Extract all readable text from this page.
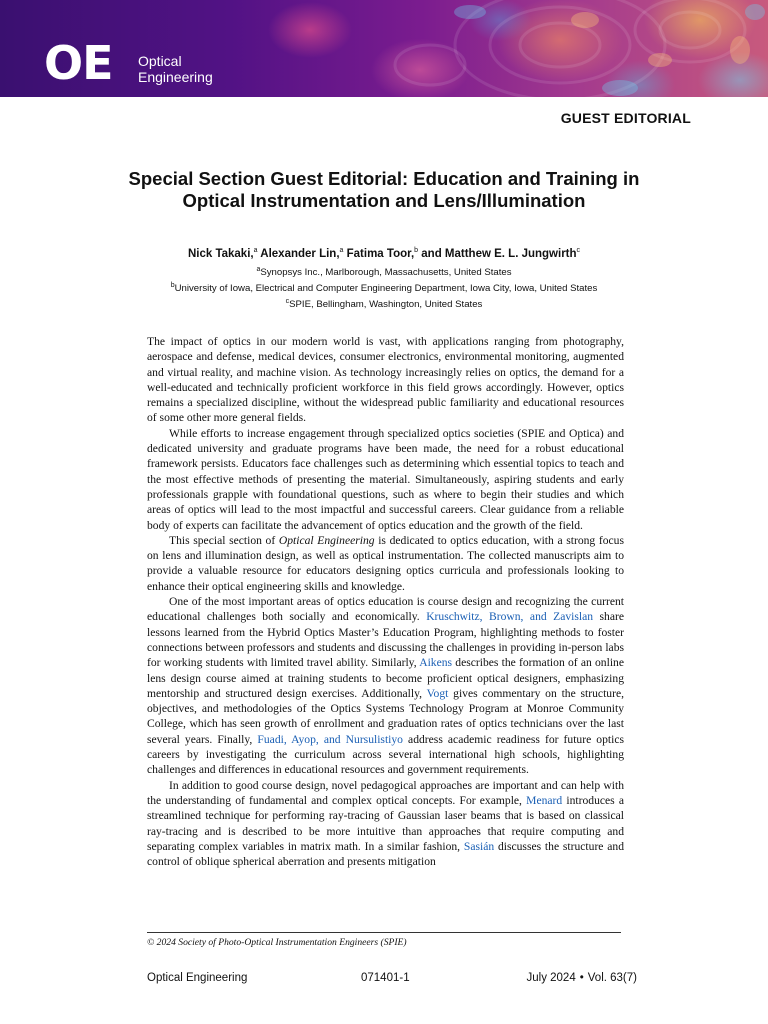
OE Optical
Engineering
GUEST EDITORIAL
Special Section Guest Editorial: Education and Training in Optical Instrumentation and Lens/Illumination
Nick Takaki,$^a$ Alexander Lin,$^a$ Fatima Toor,$^b$ and Matthew E. L. Jungwirth$^c$
$^a$Synopsys Inc., Marlborough, Massachusetts, United States
$^b$University of Iowa, Electrical and Computer Engineering Department, Iowa City, Iowa, United States
$^c$SPIE, Bellingham, Washington, United States

The impact of optics in our modern world is vast, with applications ranging from photography, aerospace and defense, medical devices, consumer electronics, environmental monitoring, augmented and virtual reality, and machine vision. As technology increasingly relies on optics, the demand for a well-educated and technically proficient workforce in this field grows accordingly. However, optics remains a specialized discipline, without the widespread public familiarity and educational resources of some other more general fields.

While efforts to increase engagement through specialized optics societies (SPIE and Optica) and dedicated university and graduate programs have been made, the need for a robust educational framework persists. Educators face challenges such as determining which essential topics to teach and the most effective methods of presenting the material. Simultaneously, aspiring students and early professionals grapple with foundational questions, such as where to begin their studies and which areas of optics will lead to the most impactful and successful careers. Clear guidance from a reliable body of experts can facilitate the advancement of optics education and the growth of the field.

This special section of Optical Engineering is dedicated to optics education, with a strong focus on lens and illumination design, as well as optical instrumentation. The collected manuscripts aim to provide a valuable resource for educators designing optics curricula and professionals looking to enhance their optical engineering skills and knowledge.

One of the most important areas of optics education is course design and recognizing the current educational challenges both socially and economically. Kruschwitz, Brown, and Zavislan share lessons learned from the Hybrid Optics Master’s Education Program, highlighting methods to foster connections between professors and students and discussing the challenges in providing in-person labs for working students with limited travel ability. Similarly, Aikens describes the formation of an online lens design course aimed at training students to become proficient optical designers, emphasizing mentorship and structured design exercises. Additionally, Vogt gives commentary on the structure, objectives, and methodologies of the Optics Systems Technology Program at Monroe Community College, which has seen growth of enrollment and graduation rates of optics technicians over the last several years. Finally, Fuadi, Ayop, and Nursulistiyo address academic readiness for future optics careers by investigating the curriculum across several international high schools, highlighting challenges and differences in educational resources and government requirements.

In addition to good course design, novel pedagogical approaches are important and can help with the understanding of fundamental and complex optical concepts. For example, Menard introduces a streamlined technique for performing ray-tracing of Gaussian laser beams that is based on classical ray-tracing and is described to be more intuitive than approaches that require computing and separating complex variables in matrix math. In a similar fashion, Sasián discusses the structure and control of oblique spherical aberration and presents mitigation

© 2024 Society of Photo-Optical Instrumentation Engineers (SPIE)
Optical Engineering	071401-1	July 2024 • Vol. 63(7)
